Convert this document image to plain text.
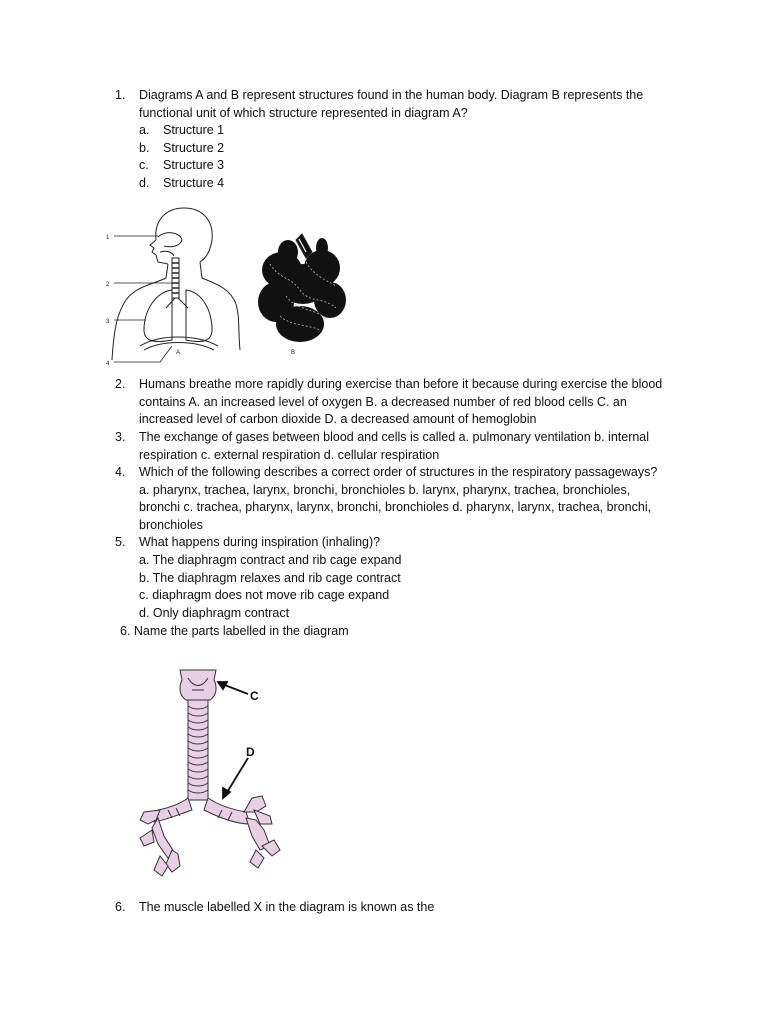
1. Diagrams A and B represent structures found in the human body. Diagram B represents the functional unit of which structure represented in diagram A?
a. Structure 1
b. Structure 2
c. Structure 3
d. Structure 4
1
2
3
4
A	B
2. Humans breathe more rapidly during exercise than before it because during exercise the blood contains A. an increased level of oxygen B. a decreased number of red blood cells C. an increased level of carbon dioxide D. a decreased amount of hemoglobin
3. The exchange of gases between blood and cells is called a. pulmonary ventilation b. internal respiration c. external respiration d. cellular respiration
4. Which of the following describes a correct order of structures in the respiratory passageways? a. pharynx, trachea, larynx, bronchi, bronchioles b. larynx, pharynx, trachea, bronchioles, bronchi c. trachea, pharynx, larynx, bronchi, bronchioles d. pharynx, larynx, trachea, bronchi, bronchioles
5. What happens during inspiration (inhaling)?
a. The diaphragm contract and rib cage expand
b. The diaphragm relaxes and rib cage contract
c. diaphragm does not move rib cage expand
d. Only diaphragm contract
6. Name the parts labelled in the diagram
C
D
6. The muscle labelled X in the diagram is known as the
